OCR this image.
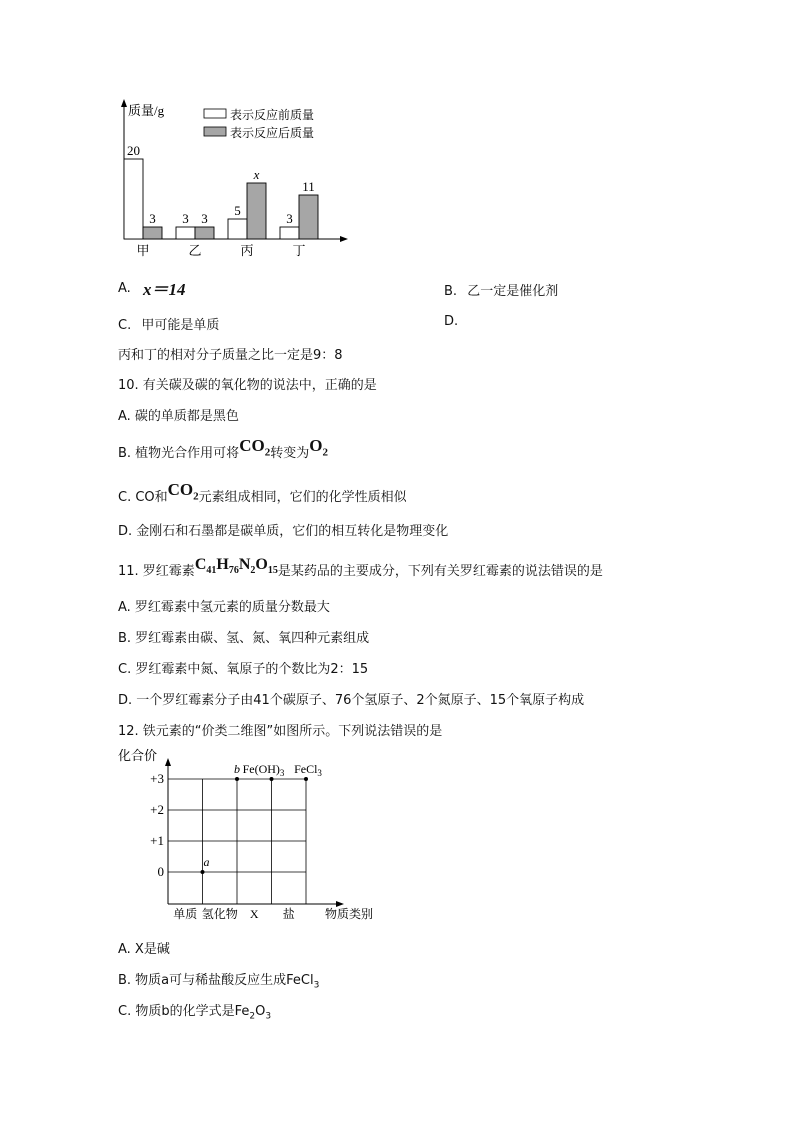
质量/g	表示反应前质量
表示反应后质量
20
3
甲
3 3
乙
5
x
丙
3
11
丁
A. x＝14	B. 乙一定是催化剂
C. 甲可能是单质	D.
丙和丁的相对分子质量之比一定是9：8
10. 有关碳及碳的氧化物的说法中，正确的是
A. 碳的单质都是黑色
B. 植物光合作用可将$CO_2$转变为$O_2$
C. CO和$CO_2$元素组成相同，它们的化学性质相似
D. 金刚石和石墨都是碳单质，它们的相互转化是物理变化
11. 罗红霉素$C_{41}H_{76}N_2O_{15}$是某药品的主要成分，下列有关罗红霉素的说法错误的是
A. 罗红霉素中氢元素的质量分数最大
B. 罗红霉素由碳、氢、氮、氧四种元素组成
C. 罗红霉素中氮、氧原子的个数比为2：15
D. 一个罗红霉素分子由41个碳原子、76个氢原子、2个氮原子、15个氧原子构成
12. 铁元素的“价类二维图”如图所示。下列说法错误的是
化合价
+3
+2
+1
0
单质 氢化物 X 盐
a
b $Fe(OH)_3$ FeCl$_3$
物质类别
A. X是碱
B. 物质a可与稀盐酸反应生成FeCl$_3$
C. 物质b的化学式是$Fe_2O_3$
